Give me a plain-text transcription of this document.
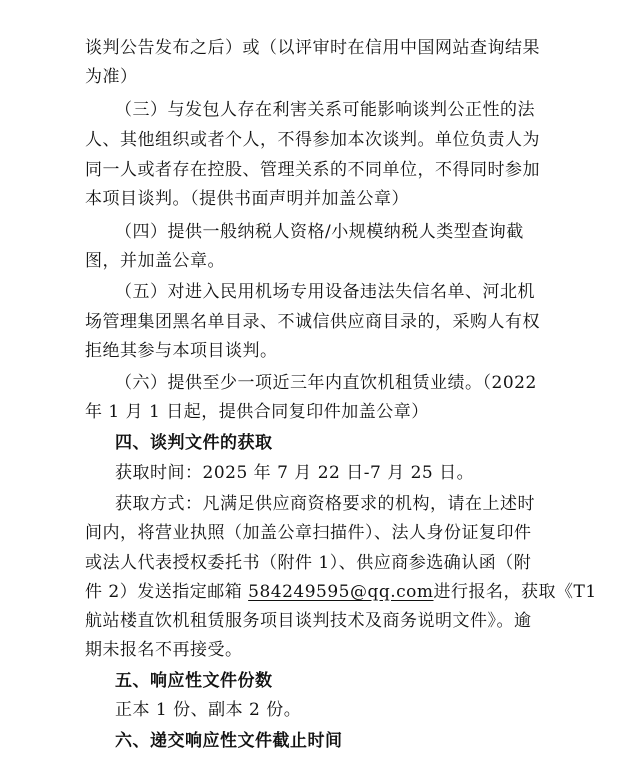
谈判公告发布之后）或（以评审时在信用中国网站查询结果
为准）
（三）与发包人存在利害关系可能影响谈判公正性的法
人、其他组织或者个人，不得参加本次谈判。单位负责人为
同一人或者存在控股、管理关系的不同单位，不得同时参加
本项目谈判。（提供书面声明并加盖公章）
（四）提供一般纳税人资格/小规模纳税人类型查询截
图，并加盖公章。
（五）对进入民用机场专用设备违法失信名单、河北机
场管理集团黑名单目录、不诚信供应商目录的，采购人有权
拒绝其参与本项目谈判。
（六）提供至少一项近三年内直饮机租赁业绩。（2022
年 1 月 1 日起，提供合同复印件加盖公章）
四、谈判文件的获取
获取时间：2025 年 7 月 22 日-7 月 25 日。
获取方式：凡满足供应商资格要求的机构，请在上述时
间内，将营业执照（加盖公章扫描件）、法人身份证复印件
或法人代表授权委托书（附件 1）、供应商参选确认函（附
件 2）发送指定邮箱 584249595@qq.com进行报名，获取《T1
航站楼直饮机租赁服务项目谈判技术及商务说明文件》。逾
期未报名不再接受。
五、响应性文件份数
正本 1 份、副本 2 份。
六、递交响应性文件截止时间
